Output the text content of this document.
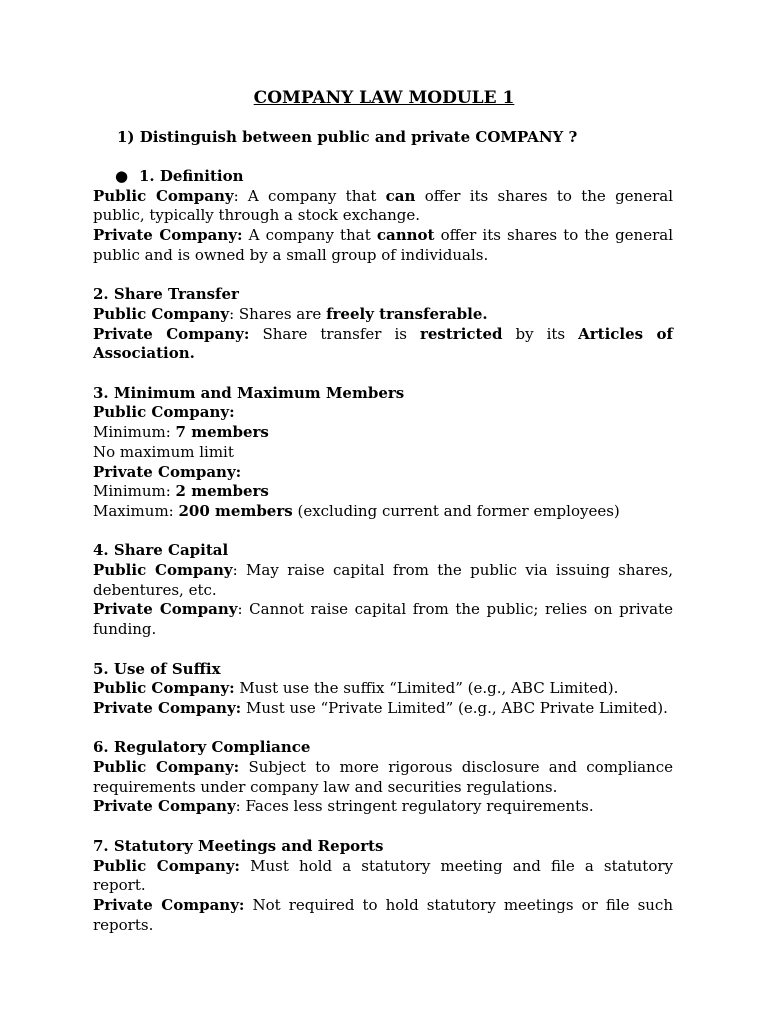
COMPANY LAW MODULE 1
1) Distinguish between public and private COMPANY ?

● 1. Definition

Public Company: A company that can offer its shares to the general public, typically through a stock exchange.

Private Company: A company that cannot offer its shares to the general public and is owned by a small group of individuals.

2. Share Transfer

Public Company: Shares are freely transferable.

Private Company: Share transfer is restricted by its Articles of Association.

3. Minimum and Maximum Members

Public Company:

Minimum: 7 members

No maximum limit

Private Company:

Minimum: 2 members

Maximum: 200 members (excluding current and former employees)

4. Share Capital

Public Company: May raise capital from the public via issuing shares, debentures, etc.

Private Company: Cannot raise capital from the public; relies on private funding.

5. Use of Suffix

Public Company: Must use the suffix “Limited” (e.g., ABC Limited).

Private Company: Must use “Private Limited” (e.g., ABC Private Limited).

6. Regulatory Compliance

Public Company: Subject to more rigorous disclosure and compliance requirements under company law and securities regulations.

Private Company: Faces less stringent regulatory requirements.

7. Statutory Meetings and Reports

Public Company: Must hold a statutory meeting and file a statutory report.

Private Company: Not required to hold statutory meetings or file such reports.
